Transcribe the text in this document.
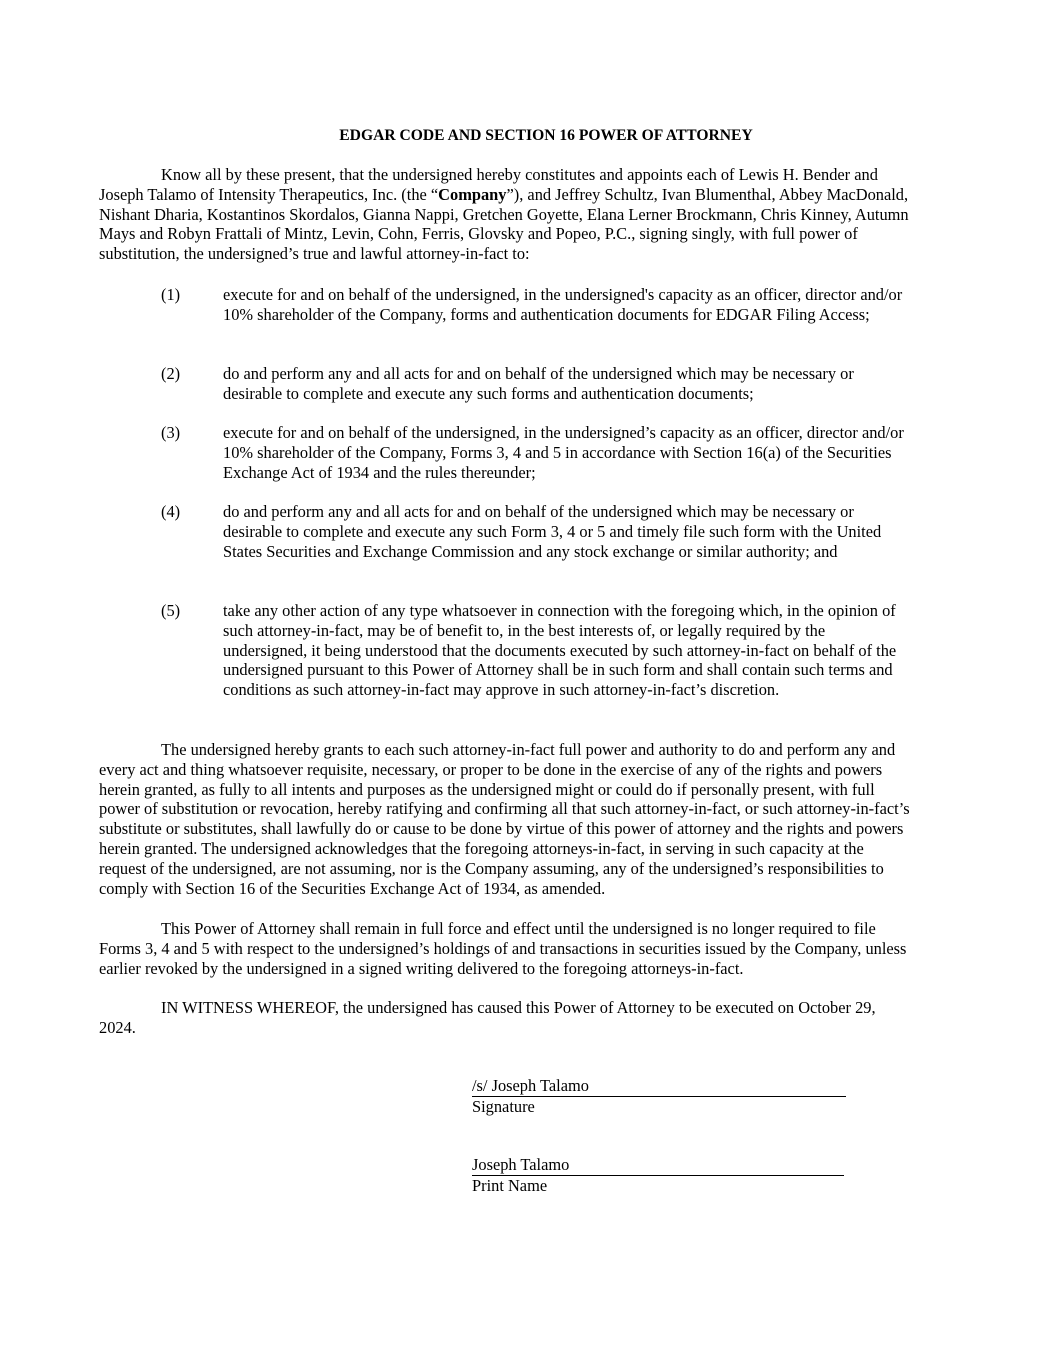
EDGAR CODE AND SECTION 16 POWER OF ATTORNEY
Know all by these present, that the undersigned hereby constitutes and appoints each of Lewis H. Bender and Joseph Talamo of Intensity Therapeutics, Inc. (the “Company”), and Jeffrey Schultz, Ivan Blumenthal, Abbey MacDonald, Nishant Dharia, Kostantinos Skordalos, Gianna Nappi, Gretchen Goyette, Elana Lerner Brockmann, Chris Kinney, Autumn Mays and Robyn Frattali of Mintz, Levin, Cohn, Ferris, Glovsky and Popeo, P.C., signing singly, with full power of substitution, the undersigned’s true and lawful attorney-in-fact to:
(1)	execute for and on behalf of the undersigned, in the undersigned's capacity as an officer, director and/or 10% shareholder of the Company, forms and authentication documents for EDGAR Filing Access;
(2)	do and perform any and all acts for and on behalf of the undersigned which may be necessary or desirable to complete and execute any such forms and authentication documents;
(3)	execute for and on behalf of the undersigned, in the undersigned’s capacity as an officer, director and/or 10% shareholder of the Company, Forms 3, 4 and 5 in accordance with Section 16(a) of the Securities Exchange Act of 1934 and the rules thereunder;
(4)	do and perform any and all acts for and on behalf of the undersigned which may be necessary or desirable to complete and execute any such Form 3, 4 or 5 and timely file such form with the United States Securities and Exchange Commission and any stock exchange or similar authority; and
(5)	take any other action of any type whatsoever in connection with the foregoing which, in the opinion of such attorney-in-fact, may be of benefit to, in the best interests of, or legally required by the undersigned, it being understood that the documents executed by such attorney-in-fact on behalf of the undersigned pursuant to this Power of Attorney shall be in such form and shall contain such terms and conditions as such attorney-in-fact may approve in such attorney-in-fact’s discretion.
The undersigned hereby grants to each such attorney-in-fact full power and authority to do and perform any and every act and thing whatsoever requisite, necessary, or proper to be done in the exercise of any of the rights and powers herein granted, as fully to all intents and purposes as the undersigned might or could do if personally present, with full power of substitution or revocation, hereby ratifying and confirming all that such attorney-in-fact, or such attorney-in-fact’s substitute or substitutes, shall lawfully do or cause to be done by virtue of this power of attorney and the rights and powers herein granted. The undersigned acknowledges that the foregoing attorneys-in-fact, in serving in such capacity at the request of the undersigned, are not assuming, nor is the Company assuming, any of the undersigned’s responsibilities to comply with Section 16 of the Securities Exchange Act of 1934, as amended.
This Power of Attorney shall remain in full force and effect until the undersigned is no longer required to file Forms 3, 4 and 5 with respect to the undersigned’s holdings of and transactions in securities issued by the Company, unless earlier revoked by the undersigned in a signed writing delivered to the foregoing attorneys-in-fact.
IN WITNESS WHEREOF, the undersigned has caused this Power of Attorney to be executed on October 29, 2024.
/s/ Joseph Talamo
Signature
Joseph Talamo
Print Name
